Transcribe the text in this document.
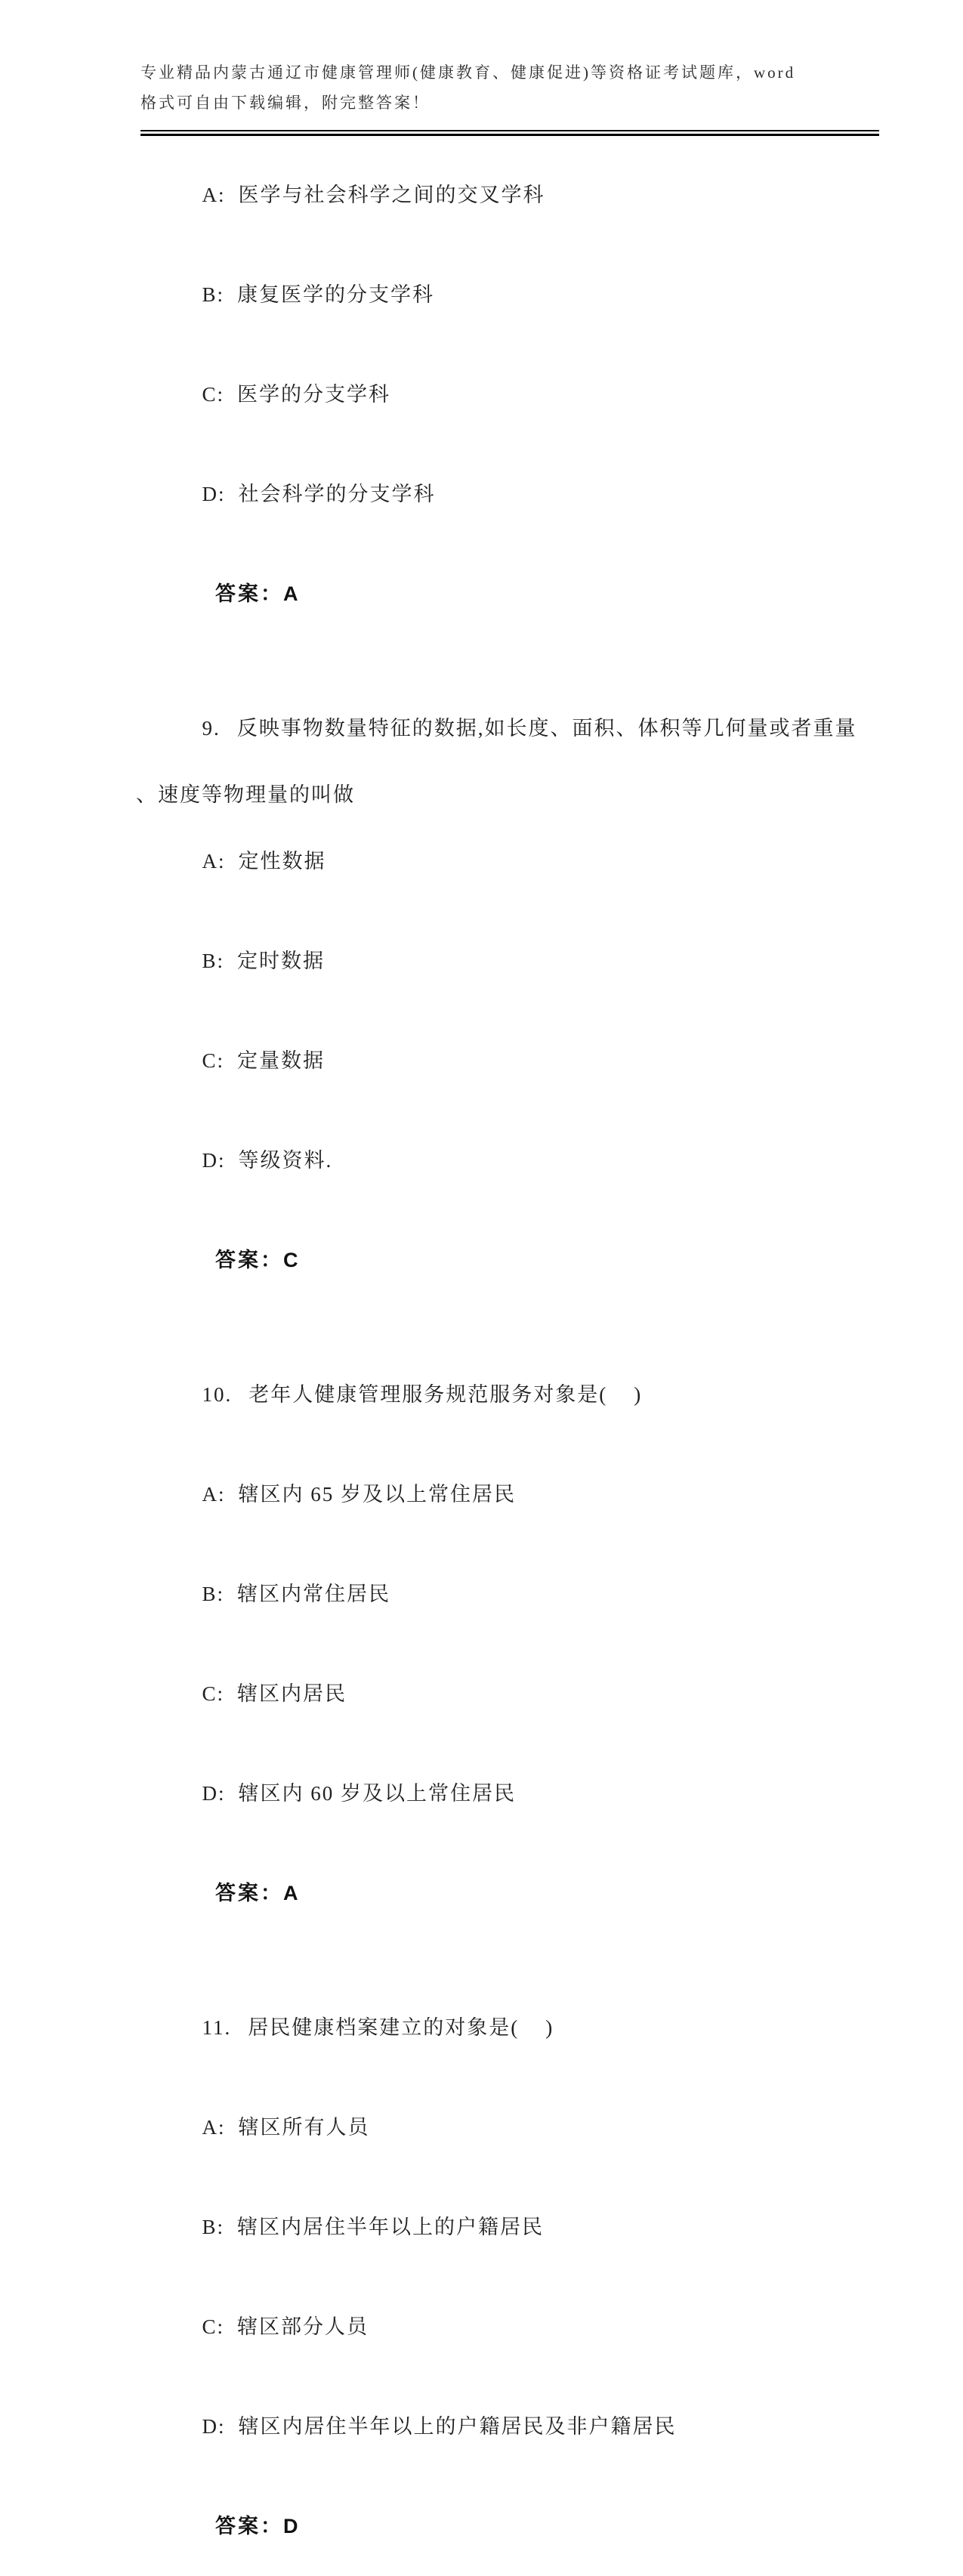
专业精品内蒙古通辽市健康管理师(健康教育、健康促进)等资格证考试题库，word
格式可自由下载编辑，附完整答案！

A: 医学与社会科学之间的交叉学科

B: 康复医学的分支学科

C: 医学的分支学科

D: 社会科学的分支学科

答案：A

9. 反映事物数量特征的数据,如长度、面积、体积等几何量或者重量

、速度等物理量的叫做

A: 定性数据

B: 定时数据

C: 定量数据

D: 等级资料.

答案：C

10. 老年人健康管理服务规范服务对象是(    )

A: 辖区内 65 岁及以上常住居民

B: 辖区内常住居民

C: 辖区内居民

D: 辖区内 60 岁及以上常住居民

答案：A

11. 居民健康档案建立的对象是(    )

A: 辖区所有人员

B: 辖区内居住半年以上的户籍居民

C: 辖区部分人员

D: 辖区内居住半年以上的户籍居民及非户籍居民

答案：D
